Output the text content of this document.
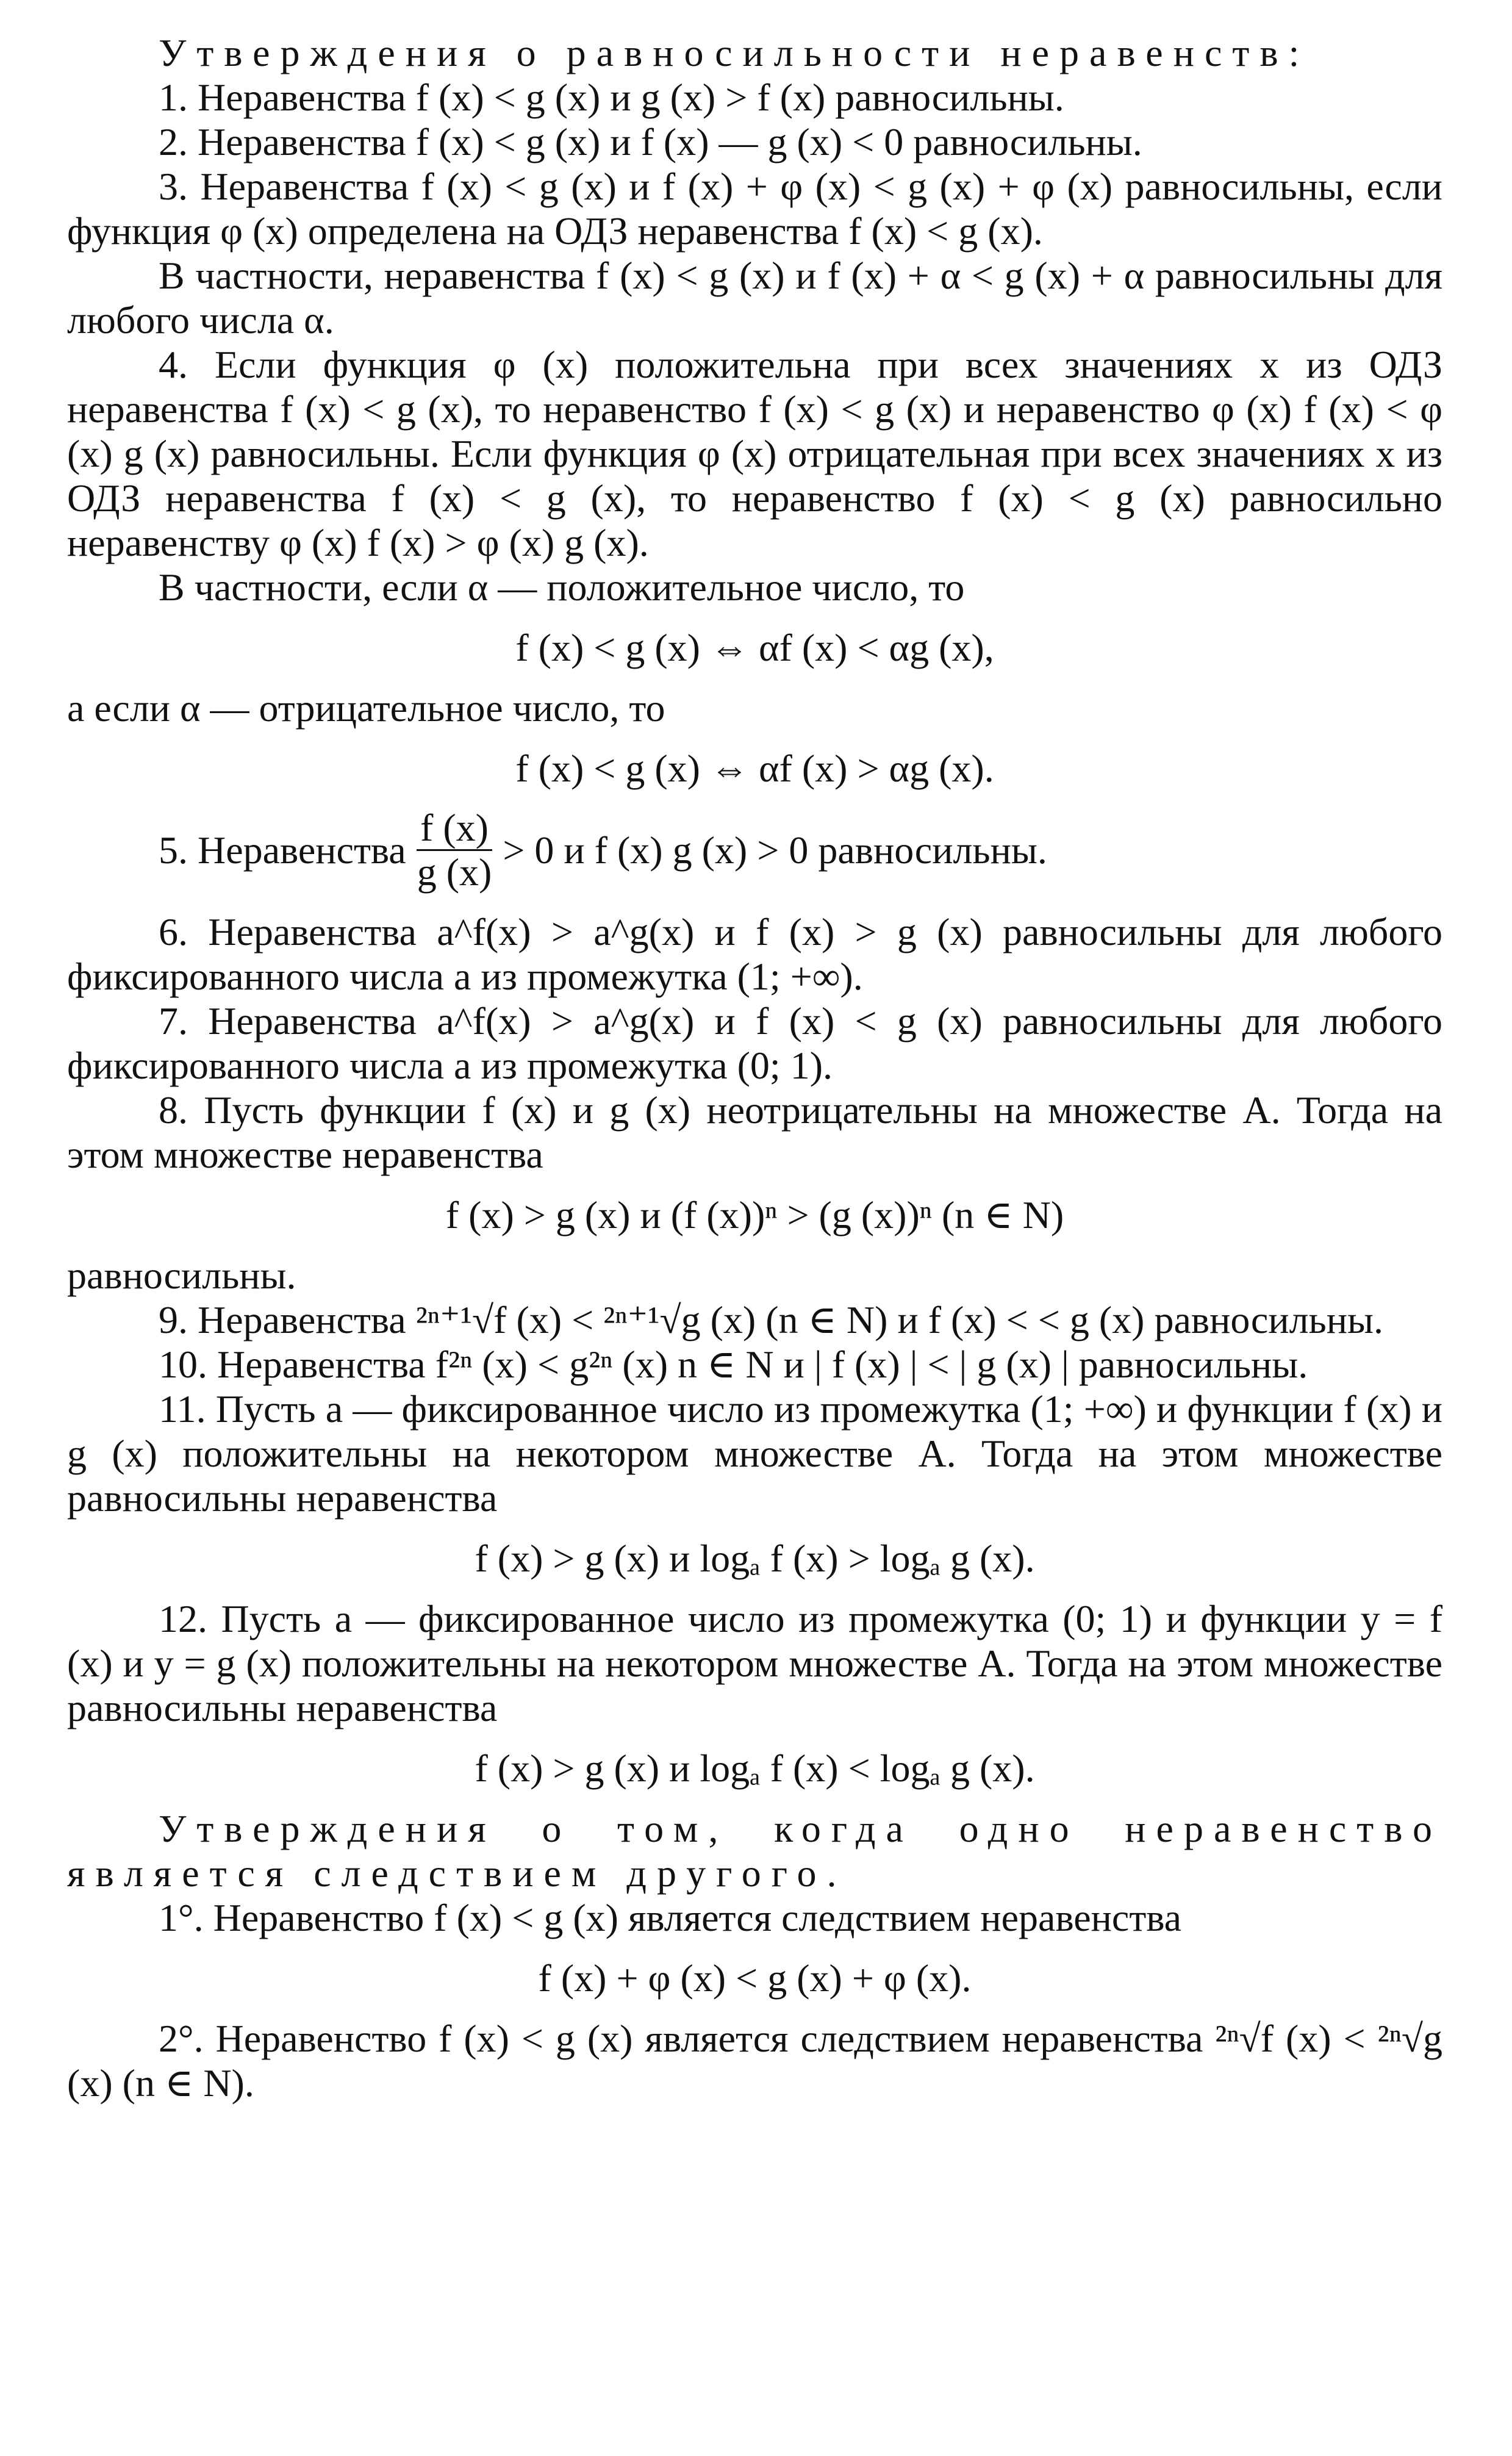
Утверждения о равносильности неравенств:

1. Неравенства f (x) < g (x) и g (x) > f (x) равносильны.

2. Неравенства f (x) < g (x) и f (x) — g (x) < 0 равносильны.

3. Неравенства f (x) < g (x) и f (x) + φ (x) < g (x) + φ (x) равносильны, если функция φ (x) определена на ОДЗ неравенства f (x) < g (x).

В частности, неравенства f (x) < g (x) и f (x) + α < g (x) + α равносильны для любого числа α.

4. Если функция φ (x) положительна при всех значениях x из ОДЗ неравенства f (x) < g (x), то неравенство f (x) < g (x) и неравенство φ (x) f (x) < φ (x) g (x) равносильны. Если функция φ (x) отрицательная при всех значениях x из ОДЗ неравенства f (x) < g (x), то неравенство f (x) < g (x) равносильно неравенству φ (x) f (x) > φ (x) g (x).

В частности, если α — положительное число, то

f (x) < g (x) ⇔ αf (x) < αg (x),

а если α — отрицательное число, то

f (x) < g (x) ⇔ αf (x) > αg (x).

5. Неравенства $\frac{f (x)}{g (x)} > 0$ и f (x) g (x) > 0 равносильны.

6. Неравенства a^f(x) > a^g(x) и f (x) > g (x) равносильны для любого фиксированного числа a из промежутка (1; +∞).

7. Неравенства a^f(x) > a^g(x) и f (x) < g (x) равносильны для любого фиксированного числа a из промежутка (0; 1).

8. Пусть функции f (x) и g (x) неотрицательны на множестве A. Тогда на этом множестве неравенства

f (x) > g (x) и (f (x))ⁿ > (g (x))ⁿ (n ∈ N)

равносильны.

9. Неравенства ²ⁿ⁺¹√f (x) < ²ⁿ⁺¹√g (x) (n ∈ N) и f (x) < < g (x) равносильны.

10. Неравенства f²ⁿ (x) < g²ⁿ (x) n ∈ N и | f (x) | < | g (x) | равносильны.

11. Пусть a — фиксированное число из промежутка (1; +∞) и функции f (x) и g (x) положительны на некотором множестве A. Тогда на этом множестве равносильны неравенства

f (x) > g (x) и logₐ f (x) > logₐ g (x).

12. Пусть a — фиксированное число из промежутка (0; 1) и функции y = f (x) и y = g (x) положительны на некотором множестве A. Тогда на этом множестве равносильны неравенства

f (x) > g (x) и logₐ f (x) < logₐ g (x).

Утверждения о том, когда одно неравенство является следствием другого.

1°. Неравенство f (x) < g (x) является следствием неравенства

f (x) + φ (x) < g (x) + φ (x).

2°. Неравенство f (x) < g (x) является следствием неравенства ²ⁿ√f (x) < ²ⁿ√g (x) (n ∈ N).
